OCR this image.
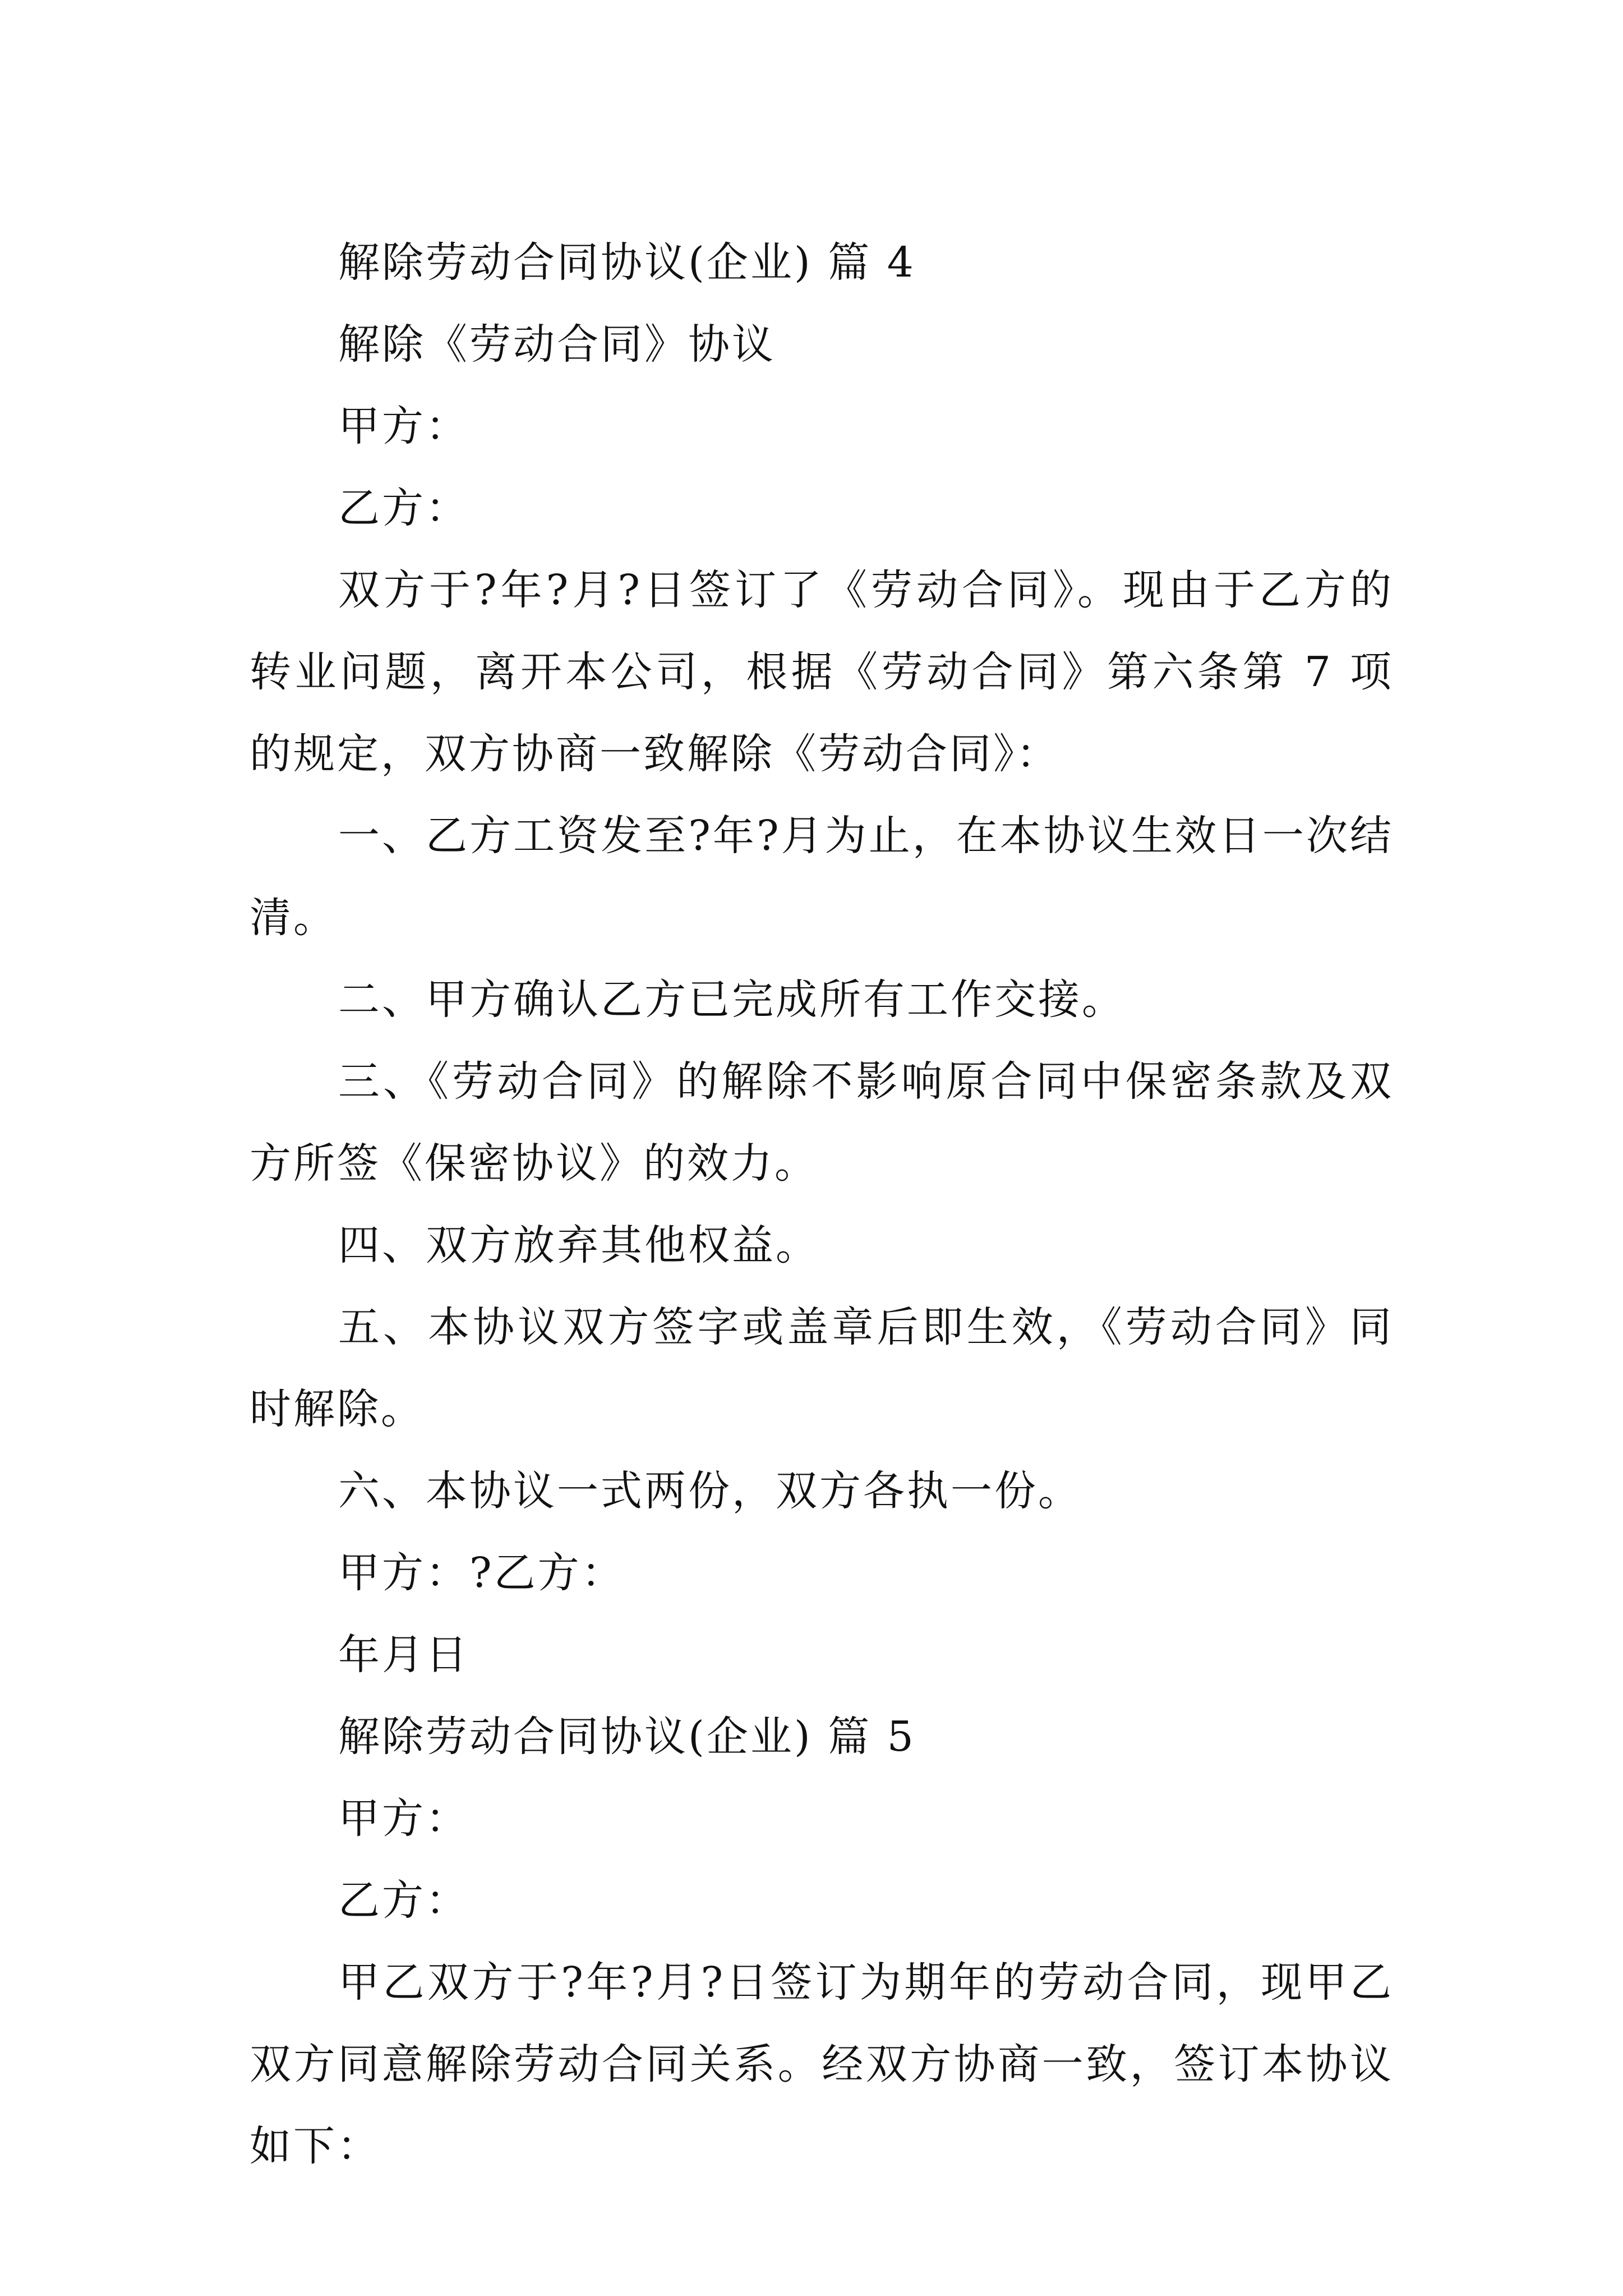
解除劳动合同协议(企业) 篇 4

解除《劳动合同》协议

甲方：

乙方：

双方于?年?月?日签订了《劳动合同》。现由于乙方的转业问题，离开本公司，根据《劳动合同》第六条第 7 项的规定，双方协商一致解除《劳动合同》：

一、乙方工资发至?年?月为止，在本协议生效日一次结清。

二、甲方确认乙方已完成所有工作交接。

三、《劳动合同》的解除不影响原合同中保密条款及双方所签《保密协议》的效力。

四、双方放弃其他权益。

五、本协议双方签字或盖章后即生效，《劳动合同》同时解除。

六、本协议一式两份，双方各执一份。

甲方：?乙方：

年月日

解除劳动合同协议(企业) 篇 5

甲方：

乙方：

甲乙双方于?年?月?日签订为期年的劳动合同，现甲乙双方同意解除劳动合同关系。经双方协商一致，签订本协议如下：
